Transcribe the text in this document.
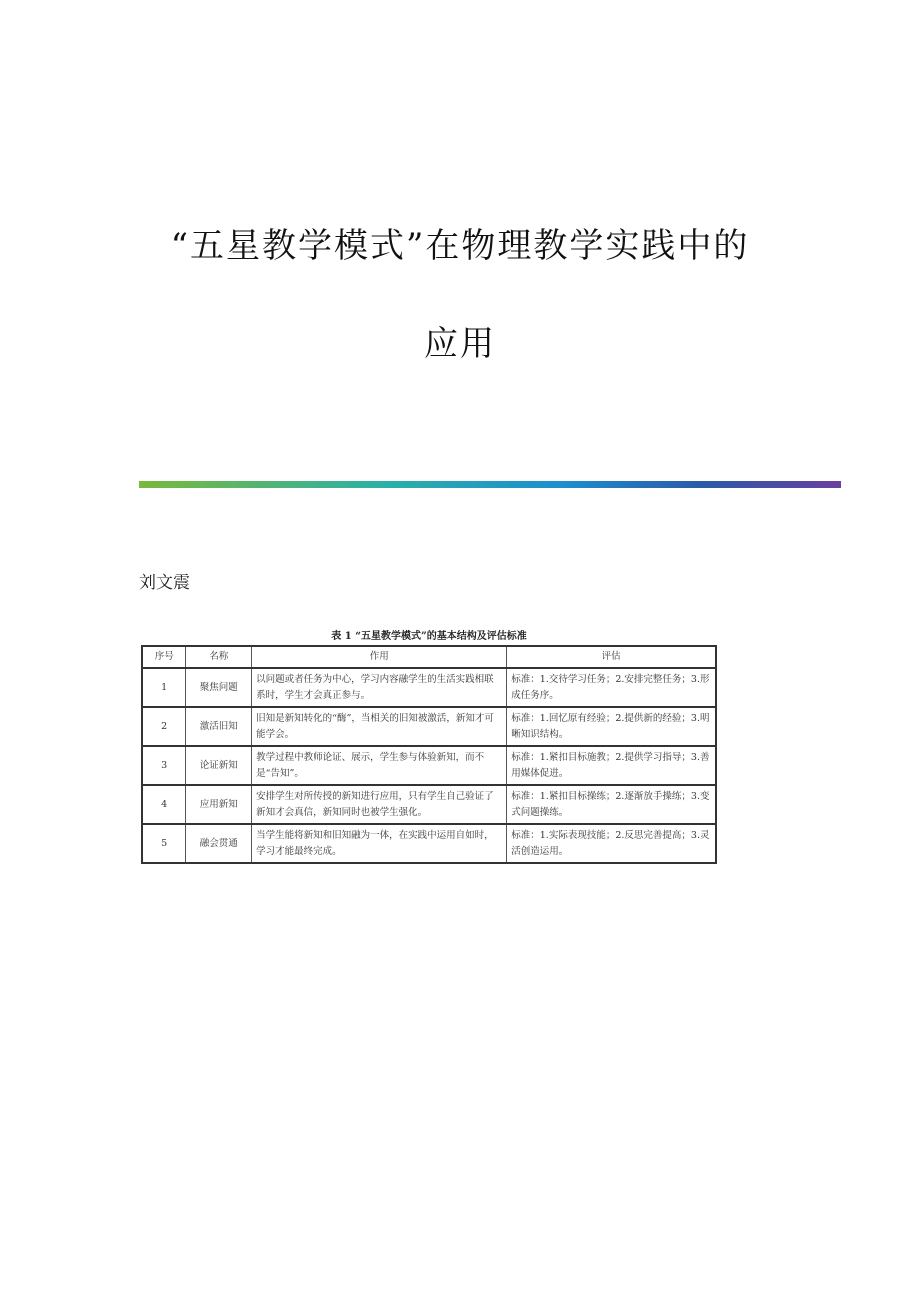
“五星教学模式”在物理教学实践中的
应用
刘文震
表 1 “五星教学模式”的基本结构及评估标准
序号	名称	作用	评估
1	聚焦问题	以问题或者任务为中心，学习内容融学生的生活实践相联系时，学生才会真正参与。	标准：1.交待学习任务；2.安排完整任务；3.形成任务序。
2	激活旧知	旧知是新知转化的“酶”，当相关的旧知被激活，新知才可能学会。	标准：1.回忆原有经验；2.提供新的经验；3.明晰知识结构。
3	论证新知	教学过程中教师论证、展示，学生参与体验新知，而不是“告知”。	标准：1.紧扣目标施教；2.提供学习指导；3.善用媒体促进。
4	应用新知	安排学生对所传授的新知进行应用，只有学生自己验证了新知才会真信，新知同时也被学生强化。	标准：1.紧扣目标操练；2.逐渐放手操练；3.变式问题操练。
5	融会贯通	当学生能将新知和旧知融为一体，在实践中运用自如时，学习才能最终完成。	标准：1.实际表现技能；2.反思完善提高；3.灵活创造运用。
